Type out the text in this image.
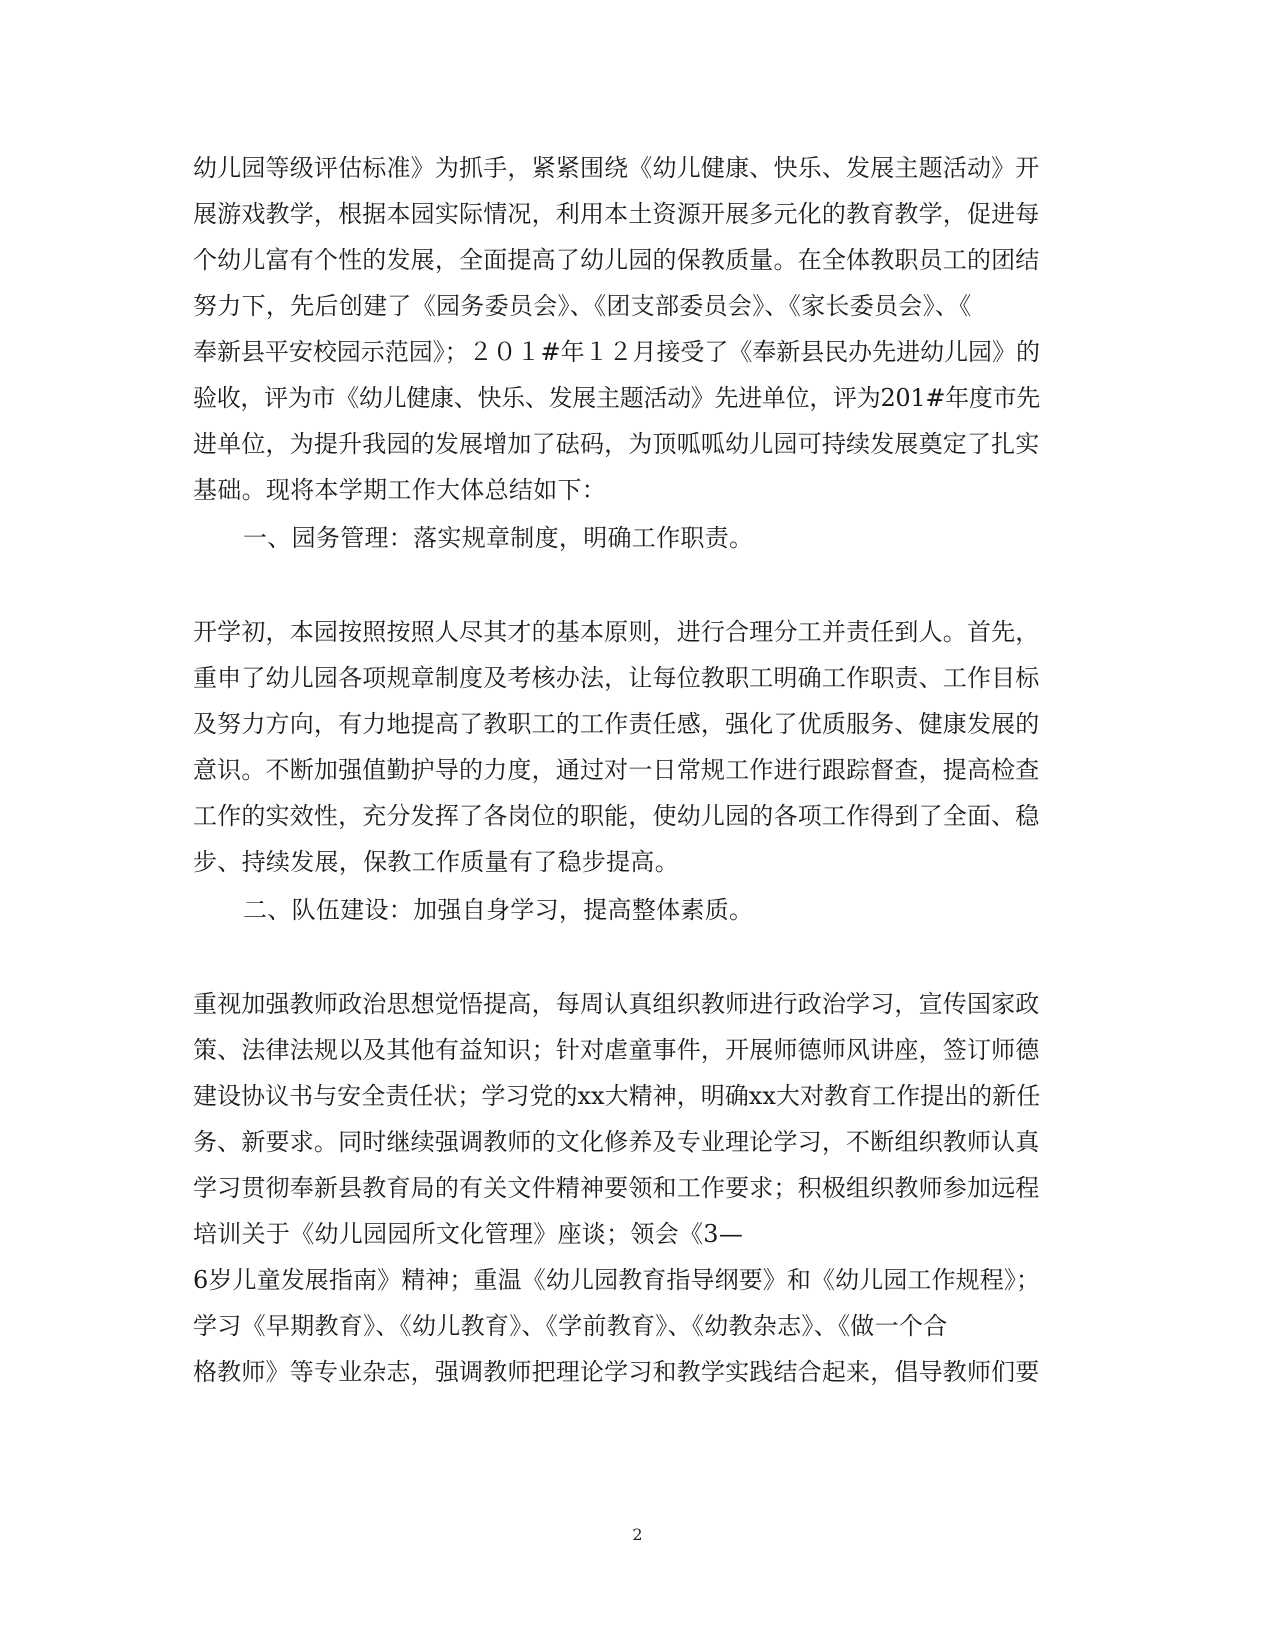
幼儿园等级评估标准》为抓手，紧紧围绕《幼儿健康、快乐、发展主题活动》开
展游戏教学，根据本园实际情况，利用本土资源开展多元化的教育教学，促进每
个幼儿富有个性的发展，全面提高了幼儿园的保教质量。在全体教职员工的团结
努力下，先后创建了《园务委员会》、《团支部委员会》、《家长委员会》、《
奉新县平安校园示范园》；２０１#年１２月接受了《奉新县民办先进幼儿园》的
验收，评为市《幼儿健康、快乐、发展主题活动》先进单位，评为201#年度市先
进单位，为提升我园的发展增加了砝码，为顶呱呱幼儿园可持续发展奠定了扎实
基础。现将本学期工作大体总结如下：
一、园务管理：落实规章制度，明确工作职责。
开学初，本园按照按照人尽其才的基本原则，进行合理分工并责任到人。首先，
重申了幼儿园各项规章制度及考核办法，让每位教职工明确工作职责、工作目标
及努力方向，有力地提高了教职工的工作责任感，强化了优质服务、健康发展的
意识。不断加强值勤护导的力度，通过对一日常规工作进行跟踪督查，提高检查
工作的实效性，充分发挥了各岗位的职能，使幼儿园的各项工作得到了全面、稳
步、持续发展，保教工作质量有了稳步提高。
二、队伍建设：加强自身学习，提高整体素质。
重视加强教师政治思想觉悟提高，每周认真组织教师进行政治学习，宣传国家政
策、法律法规以及其他有益知识；针对虐童事件，开展师德师风讲座，签订师德
建设协议书与安全责任状；学习党的xx大精神，明确xx大对教育工作提出的新任
务、新要求。同时继续强调教师的文化修养及专业理论学习，不断组织教师认真
学习贯彻奉新县教育局的有关文件精神要领和工作要求；积极组织教师参加远程
培训关于《幼儿园园所文化管理》座谈；领会《3—
6岁儿童发展指南》精神；重温《幼儿园教育指导纲要》和《幼儿园工作规程》；
学习《早期教育》、《幼儿教育》、《学前教育》、《幼教杂志》、《做一个合
格教师》等专业杂志，强调教师把理论学习和教学实践结合起来，倡导教师们要
2
